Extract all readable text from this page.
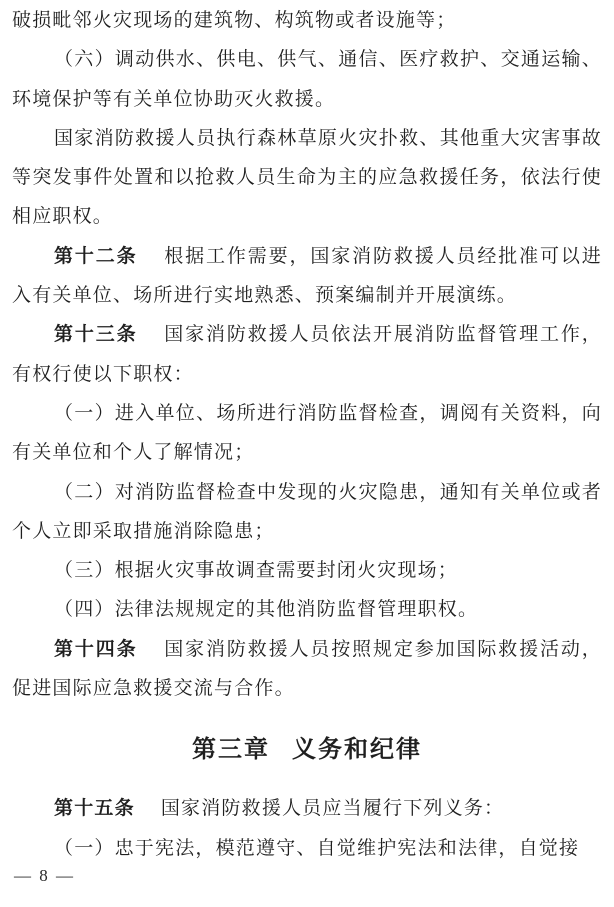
破损毗邻火灾现场的建筑物、构筑物或者设施等；

（六）调动供水、供电、供气、通信、医疗救护、交通运输、环境保护等有关单位协助灭火救援。

国家消防救援人员执行森林草原火灾扑救、其他重大灾害事故等突发事件处置和以抢救人员生命为主的应急救援任务，依法行使相应职权。

第十二条 根据工作需要，国家消防救援人员经批准可以进入有关单位、场所进行实地熟悉、预案编制并开展演练。

第十三条 国家消防救援人员依法开展消防监督管理工作，有权行使以下职权：

（一）进入单位、场所进行消防监督检查，调阅有关资料，向有关单位和个人了解情况；

（二）对消防监督检查中发现的火灾隐患，通知有关单位或者个人立即采取措施消除隐患；

（三）根据火灾事故调查需要封闭火灾现场；

（四）法律法规规定的其他消防监督管理职权。

第十四条 国家消防救援人员按照规定参加国际救援活动，促进国际应急救援交流与合作。

第三章 义务和纪律

第十五条 国家消防救援人员应当履行下列义务：

（一）忠于宪法，模范遵守、自觉维护宪法和法律，自觉接

— 8 —
